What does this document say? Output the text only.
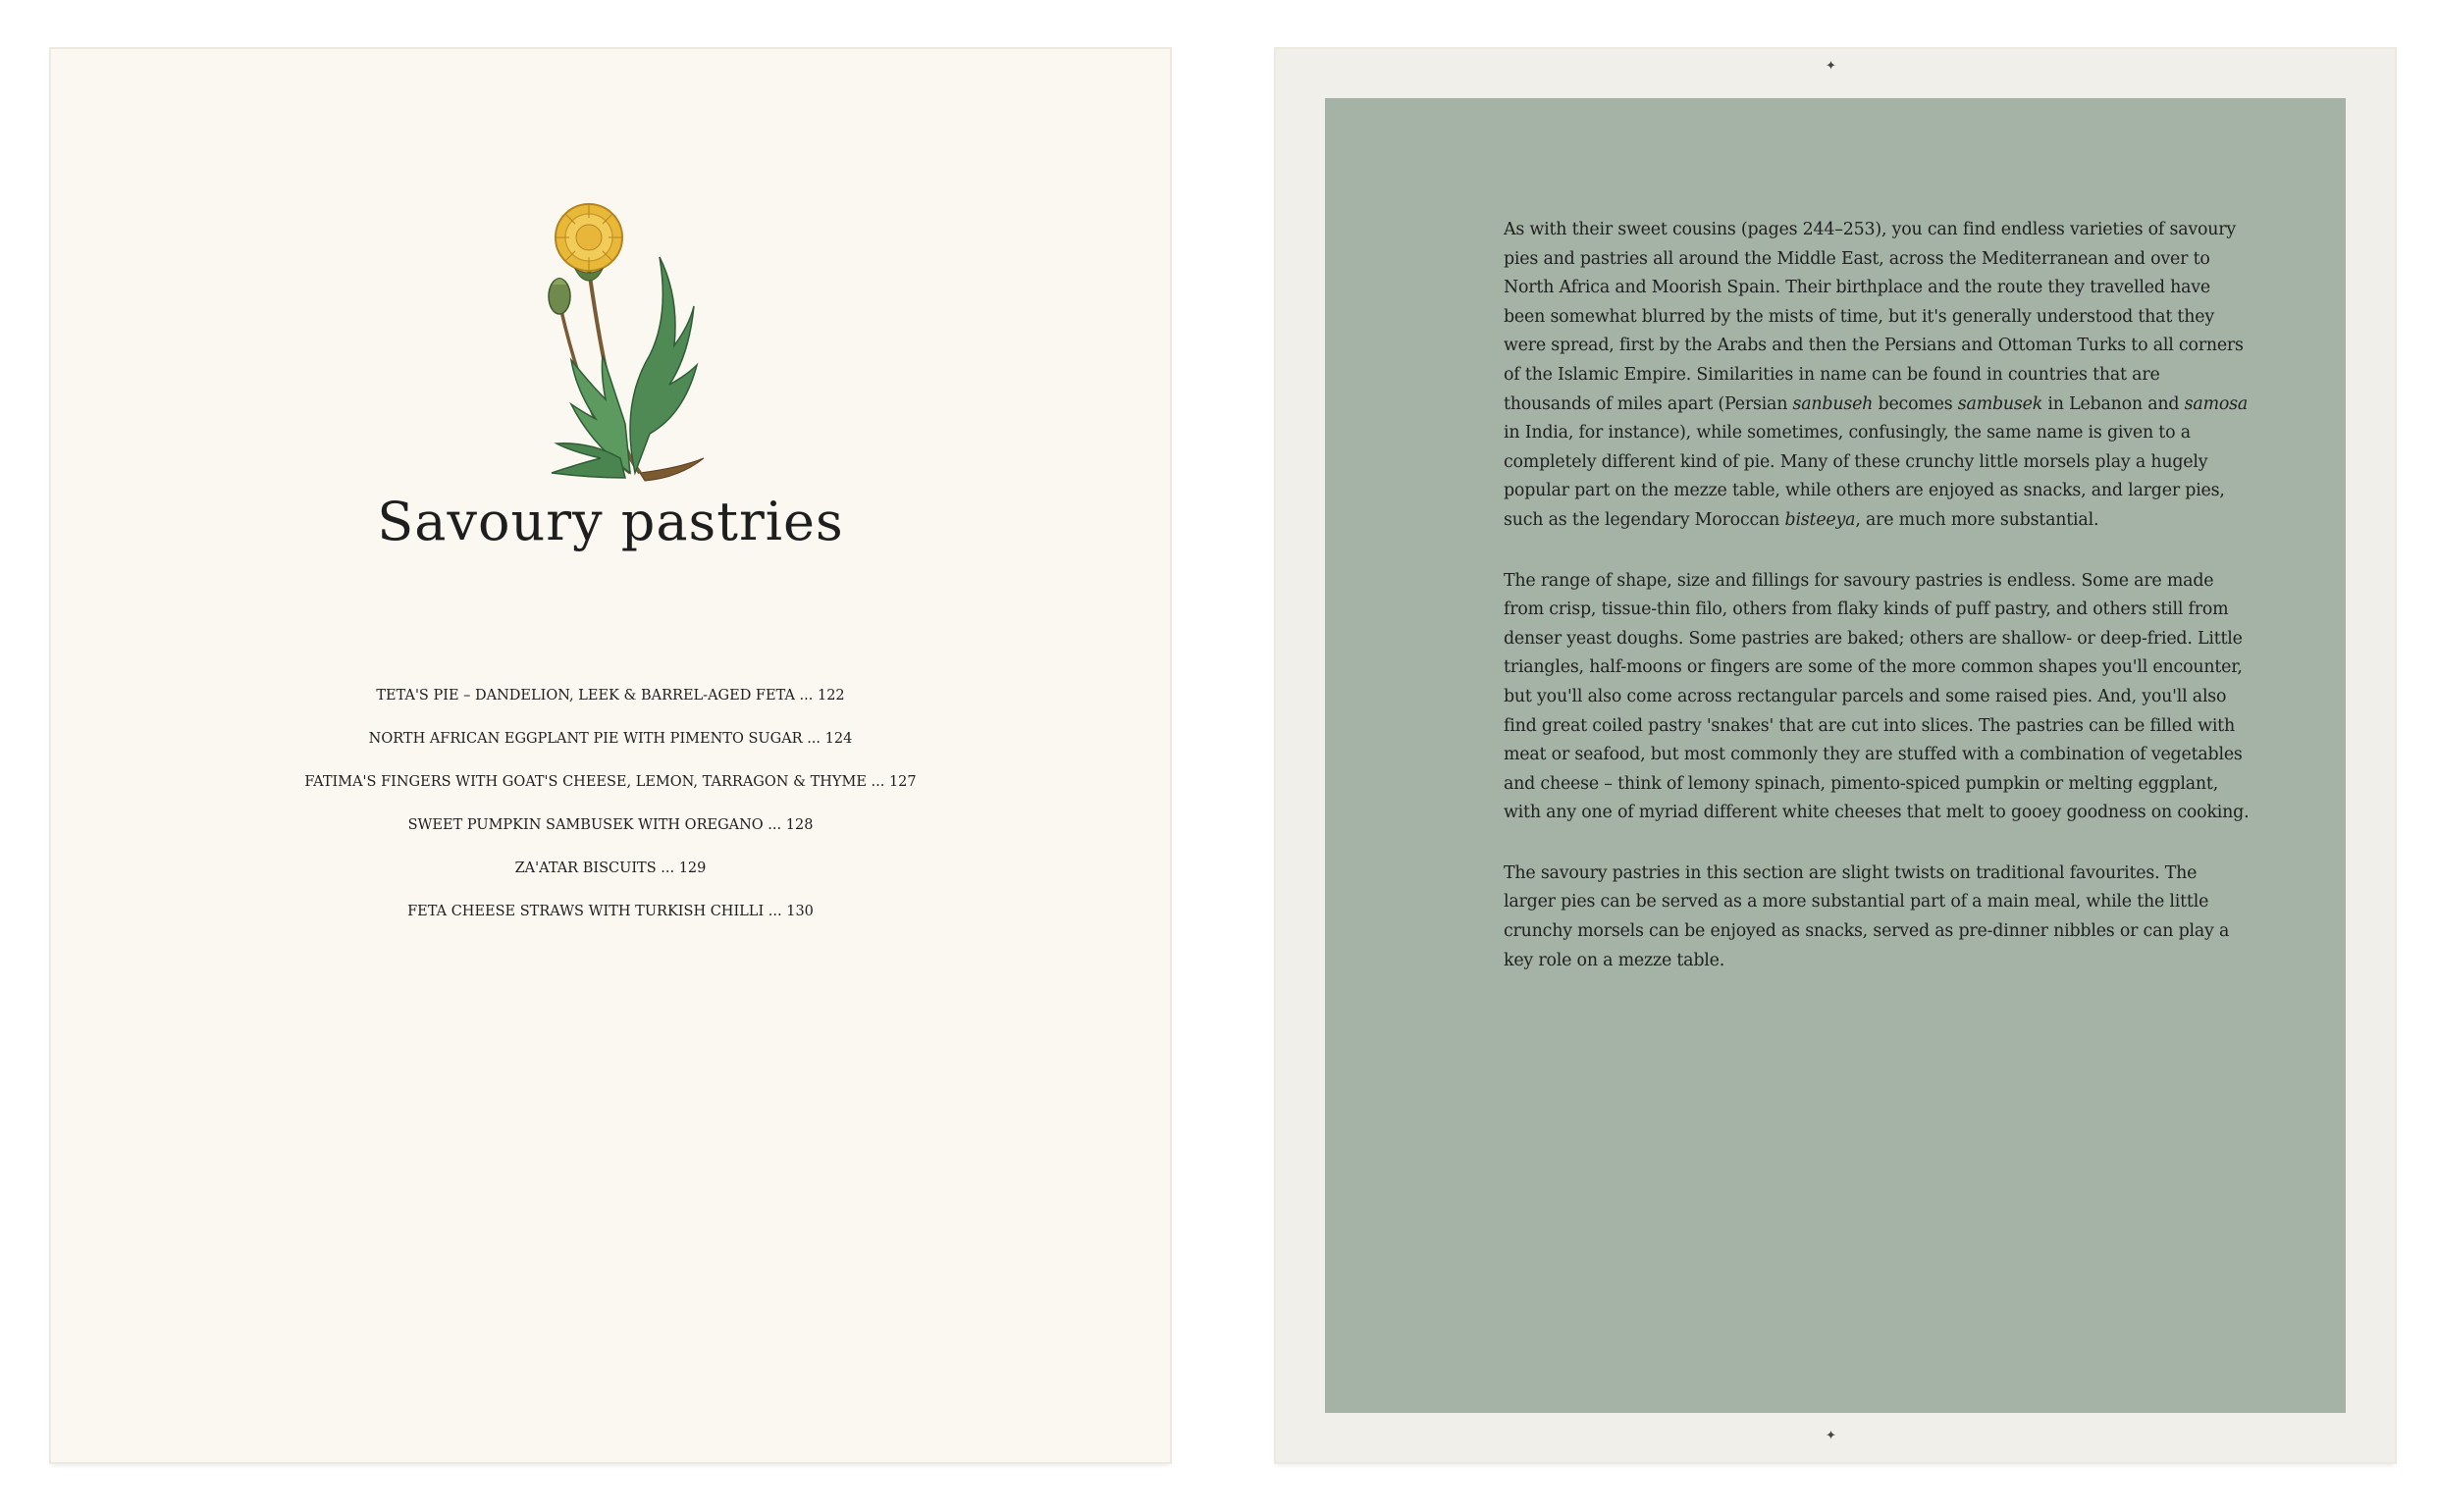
Savoury pastries
TETA'S PIE – DANDELION, LEEK & BARREL-AGED FETA ... 122
NORTH AFRICAN EGGPLANT PIE WITH PIMENTO SUGAR ... 124
FATIMA'S FINGERS WITH GOAT'S CHEESE, LEMON, TARRAGON & THYME ... 127
SWEET PUMPKIN SAMBUSEK WITH OREGANO ... 128
ZA'ATAR BISCUITS ... 129
FETA CHEESE STRAWS WITH TURKISH CHILLI ... 130
✦
✦

As with their sweet cousins (pages 244–253), you can find endless varieties of savoury pies and pastries all around the Middle East, across the Mediterranean and over to North Africa and Moorish Spain. Their birthplace and the route they travelled have been somewhat blurred by the mists of time, but it's generally understood that they were spread, first by the Arabs and then the Persians and Ottoman Turks to all corners of the Islamic Empire. Similarities in name can be found in countries that are thousands of miles apart (Persian sanbuseh becomes sambusek in Lebanon and samosa in India, for instance), while sometimes, confusingly, the same name is given to a completely different kind of pie. Many of these crunchy little morsels play a hugely popular part on the mezze table, while others are enjoyed as snacks, and larger pies, such as the legendary Moroccan bisteeya, are much more substantial.

The range of shape, size and fillings for savoury pastries is endless. Some are made from crisp, tissue-thin filo, others from flaky kinds of puff pastry, and others still from denser yeast doughs. Some pastries are baked; others are shallow- or deep-fried. Little triangles, half-moons or fingers are some of the more common shapes you'll encounter, but you'll also come across rectangular parcels and some raised pies. And, you'll also find great coiled pastry 'snakes' that are cut into slices. The pastries can be filled with meat or seafood, but most commonly they are stuffed with a combination of vegetables and cheese – think of lemony spinach, pimento-spiced pumpkin or melting eggplant, with any one of myriad different white cheeses that melt to gooey goodness on cooking.

The savoury pastries in this section are slight twists on traditional favourites. The larger pies can be served as a more substantial part of a main meal, while the little crunchy morsels can be enjoyed as snacks, served as pre-dinner nibbles or can play a key role on a mezze table.
